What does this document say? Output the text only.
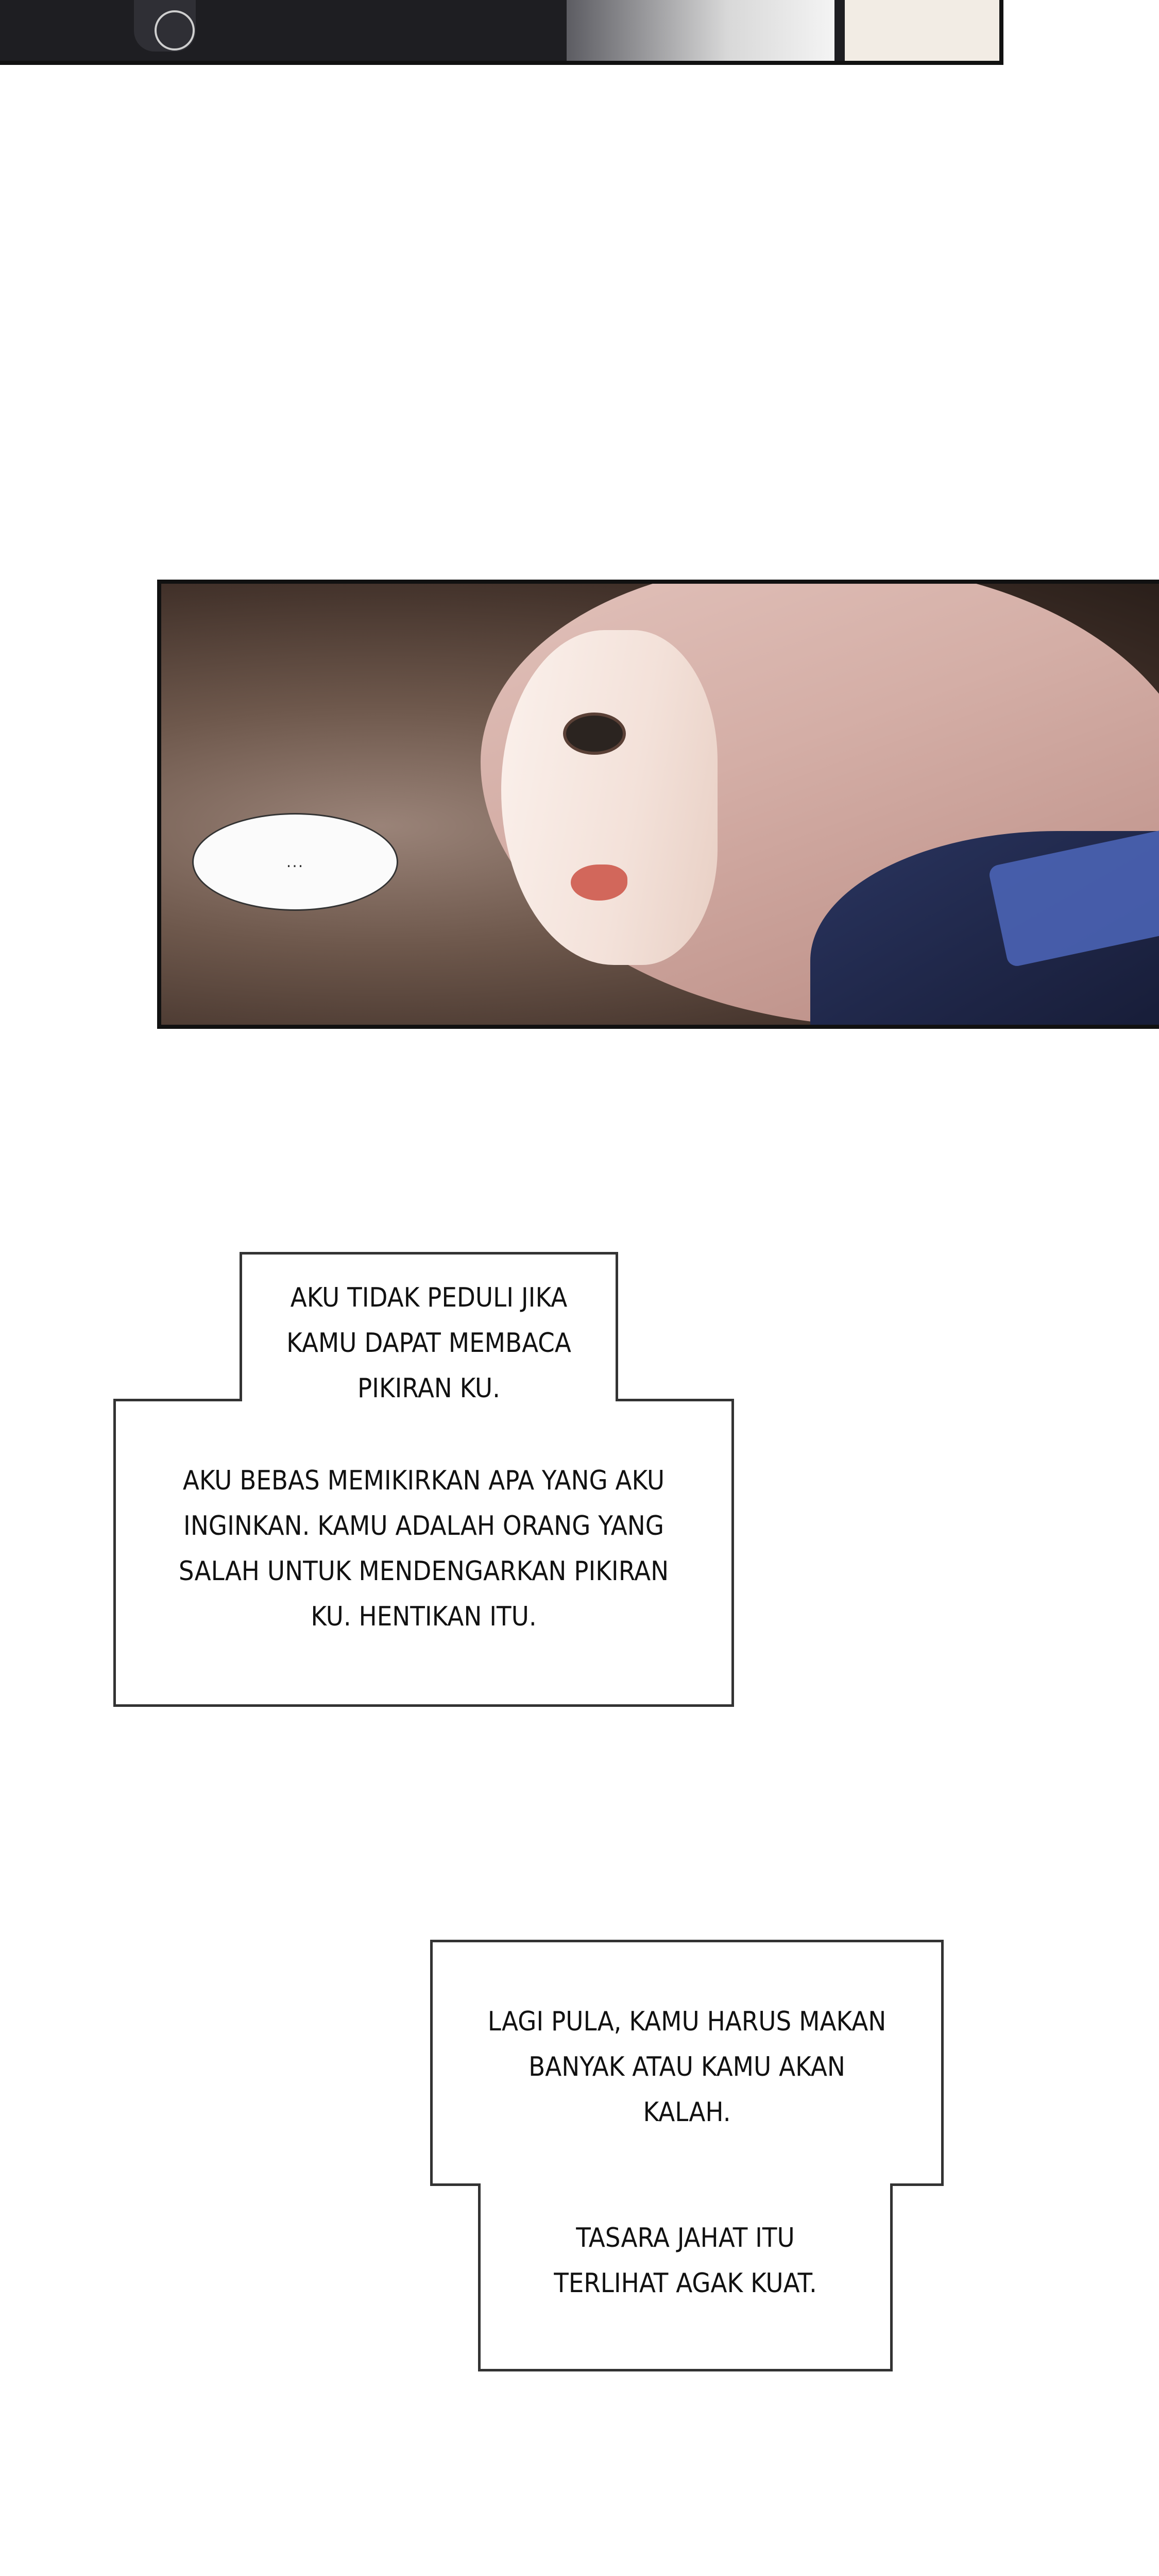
...
AKU TIDAK PEDULI JIKA
KAMU DAPAT MEMBACA
PIKIRAN KU.
AKU BEBAS MEMIKIRKAN APA YANG AKU
INGINKAN. KAMU ADALAH ORANG YANG
SALAH UNTUK MENDENGARKAN PIKIRAN
KU. HENTIKAN ITU.
LAGI PULA, KAMU HARUS MAKAN
BANYAK ATAU KAMU AKAN
KALAH.
TASARA JAHAT ITU
TERLIHAT AGAK KUAT.
